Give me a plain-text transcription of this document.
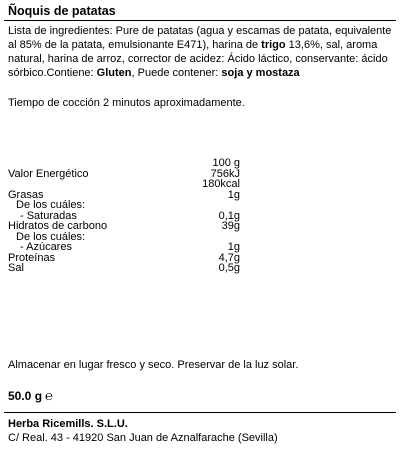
Ñoquis de patatas
Lista de ingredientes: Pure de patatas (agua y escamas de patata, equivalente al 85% de la patata, emulsionante E471), harina de trigo 13,6%, sal, aroma natural, harina de arroz, corrector de acidez: Ácido láctico, conservante: ácido sórbico.Contiene: Gluten, Puede contener: soja y mostaza
Tiempo de cocción 2 minutos aproximadamente.
100 g
Valor Energético	756kJ
180kcal
Grasas	1g
De los cuáles:
- Saturadas	0,1g
Hidratos de carbono	39g
De los cuáles:
- Azúcares	1g
Proteínas	4,7g
Sal	0,5g
Almacenar en lugar fresco y seco. Preservar de la luz solar.
50.0 g ℮
Herba Ricemills. S.L.U.
C/ Real. 43 - 41920 San Juan de Aznalfarache (Sevilla)
